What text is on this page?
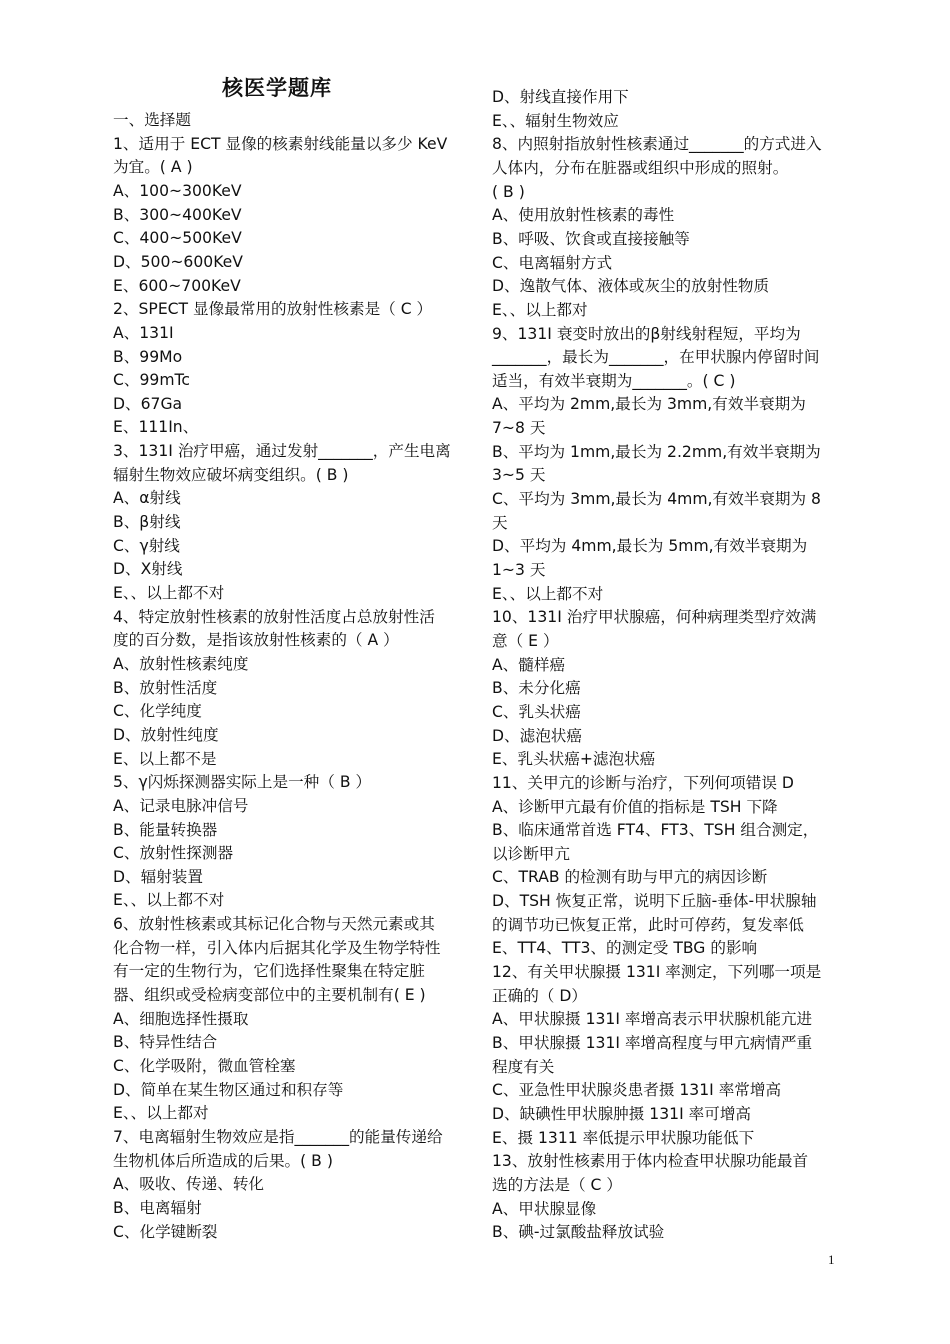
核医学题库
一、选择题
1、适用于 ECT 显像的核素射线能量以多少 KeV
为宜。( A )
A、100~300KeV
B、300~400KeV
C、400~500KeV
D、500~600KeV
E、600~700KeV
2、SPECT 显像最常用的放射性核素是（ C ）
A、131I
B、99Mo
C、99mTc
D、67Ga
E、111In、
3、131I 治疗甲癌，通过发射_______，产生电离
辐射生物效应破坏病变组织。( B )
A、α射线
B、β射线
C、γ射线
D、X射线
E、、以上都不对
4、特定放射性核素的放射性活度占总放射性活
度的百分数，是指该放射性核素的（ A ）
A、放射性核素纯度
B、放射性活度
C、化学纯度
D、放射性纯度
E、以上都不是
5、γ闪烁探测器实际上是一种（ B ）
A、记录电脉冲信号
B、能量转换器
C、放射性探测器
D、辐射装置
E、、以上都不对
6、放射性核素或其标记化合物与天然元素或其
化合物一样，引入体内后据其化学及生物学特性
有一定的生物行为，它们选择性聚集在特定脏
器、组织或受检病变部位中的主要机制有( E )
A、细胞选择性摄取
B、特异性结合
C、化学吸附，微血管栓塞
D、简单在某生物区通过和积存等
E、、以上都对
7、电离辐射生物效应是指_______的能量传递给
生物机体后所造成的后果。( B )
A、吸收、传递、转化
B、电离辐射
C、化学键断裂
D、射线直接作用下
E、、辐射生物效应
8、内照射指放射性核素通过_______的方式进入
人体内，分布在脏器或组织中形成的照射。
( B )
A、使用放射性核素的毒性
B、呼吸、饮食或直接接触等
C、电离辐射方式
D、逸散气体、液体或灰尘的放射性物质
E、、以上都对
9、131I 衰变时放出的β射线射程短，平均为
_______，最长为_______，在甲状腺内停留时间
适当，有效半衰期为_______。( C )
A、平均为 2mm,最长为 3mm,有效半衰期为
7~8 天
B、平均为 1mm,最长为 2.2mm,有效半衰期为
3~5 天
C、平均为 3mm,最长为 4mm,有效半衰期为 8
天
D、平均为 4mm,最长为 5mm,有效半衰期为
1~3 天
E、、以上都不对
10、131I 治疗甲状腺癌，何种病理类型疗效满
意（ E ）
A、髓样癌
B、未分化癌
C、乳头状癌
D、滤泡状癌
E、乳头状癌+滤泡状癌
11、关甲亢的诊断与治疗，下列何项错误 D
A、诊断甲亢最有价值的指标是 TSH 下降
B、临床通常首选 FT4、FT3、TSH 组合测定，
以诊断甲亢
C、TRAB 的检测有助与甲亢的病因诊断
D、TSH 恢复正常，说明下丘脑-垂体-甲状腺轴
的调节功已恢复正常，此时可停药，复发率低
E、TT4、TT3、的测定受 TBG 的影响
12、有关甲状腺摄 131I 率测定，下列哪一项是
正确的（ D）
A、甲状腺摄 131I 率增高表示甲状腺机能亢进
B、甲状腺摄 131I 率增高程度与甲亢病情严重
程度有关
C、亚急性甲状腺炎患者摄 131I 率常增高
D、缺碘性甲状腺肿摄 131I 率可增高
E、摄 1311 率低提示甲状腺功能低下
13、放射性核素用于体内检查甲状腺功能最首
选的方法是（ C ）
A、甲状腺显像
B、碘-过氯酸盐释放试验
1
